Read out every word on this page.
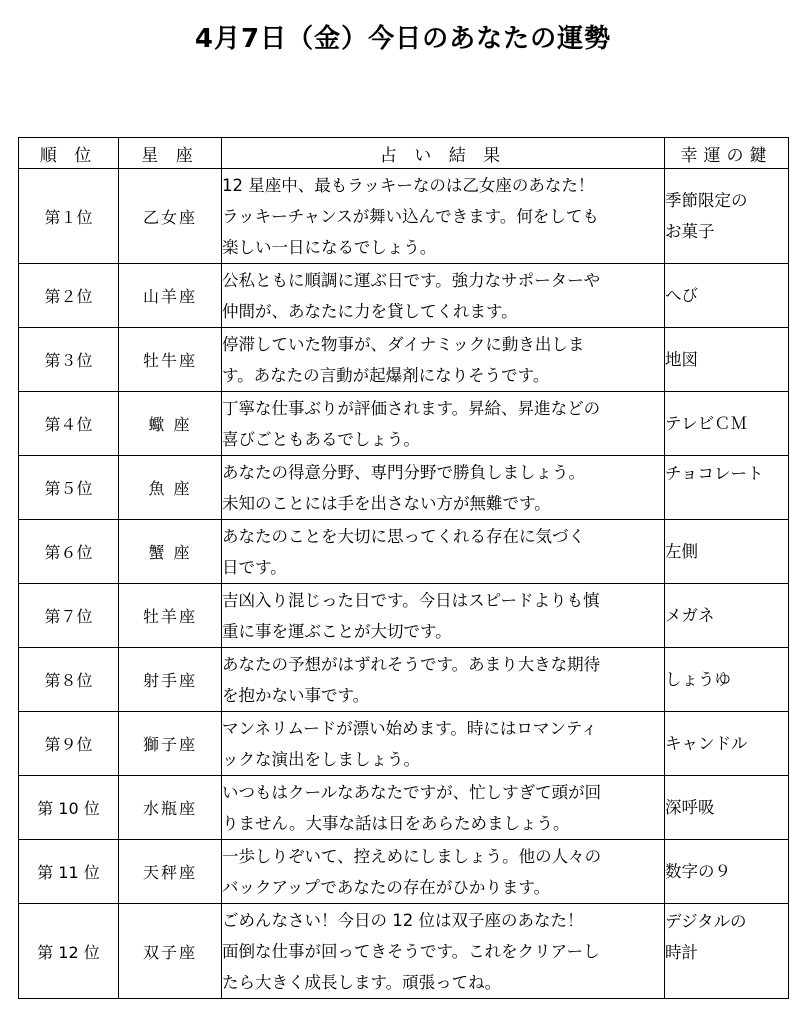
4月7日（金）今日のあなたの運勢
順 位	星 座	占 い 結 果	幸運の鍵
第１位	乙女座	12 星座中、最もラッキーなのは乙女座のあなた！
ラッキーチャンスが舞い込んできます。何をしても
楽しい一日になるでしょう。	季節限定の
お菓子
第２位	山羊座	公私ともに順調に運ぶ日です。強力なサポーターや
仲間が、あなたに力を貸してくれます。	へび
第３位	牡牛座	停滞していた物事が、ダイナミックに動き出しま
す。あなたの言動が起爆剤になりそうです。	地図
第４位	蠍 座	丁寧な仕事ぶりが評価されます。昇給、昇進などの
喜びごともあるでしょう。	テレビＣＭ
第５位	魚 座	あなたの得意分野、専門分野で勝負しましょう。
未知のことには手を出さない方が無難です。	チョコレート
第６位	蟹 座	あなたのことを大切に思ってくれる存在に気づく
日です。	左側
第７位	牡羊座	吉凶入り混じった日です。今日はスピードよりも慎
重に事を運ぶことが大切です。	メガネ
第８位	射手座	あなたの予想がはずれそうです。あまり大きな期待
を抱かない事です。	しょうゆ
第９位	獅子座	マンネリムードが漂い始めます。時にはロマンティ
ックな演出をしましょう。	キャンドル
第 10 位	水瓶座	いつもはクールなあなたですが、忙しすぎて頭が回
りません。大事な話は日をあらためましょう。	深呼吸
第 11 位	天秤座	一歩しりぞいて、控えめにしましょう。他の人々の
バックアップであなたの存在がひかります。	数字の９
第 12 位	双子座	ごめんなさい！今日の 12 位は双子座のあなた！
面倒な仕事が回ってきそうです。これをクリアーし
たら大きく成長します。頑張ってね。	デジタルの
時計
